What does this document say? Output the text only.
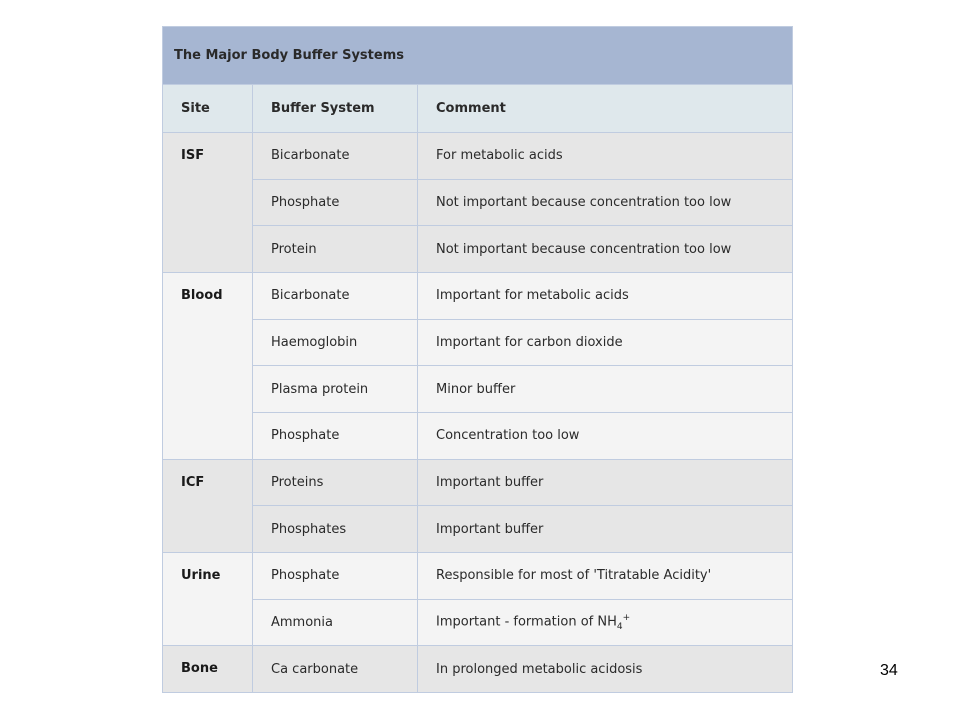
The Major Body Buffer Systems		
Site	Buffer System	Comment
ISF	Bicarbonate	For metabolic acids
	Phosphate	Not important because concentration too low
	Protein	Not important because concentration too low
Blood	Bicarbonate	Important for metabolic acids
	Haemoglobin	Important for carbon dioxide
	Plasma protein	Minor buffer
	Phosphate	Concentration too low
ICF	Proteins	Important buffer
	Phosphates	Important buffer
Urine	Phosphate	Responsible for most of 'Titratable Acidity'
	Ammonia	Important - formation of $NH_4^+$
Bone	Ca carbonate	In prolonged metabolic acidosis	34
